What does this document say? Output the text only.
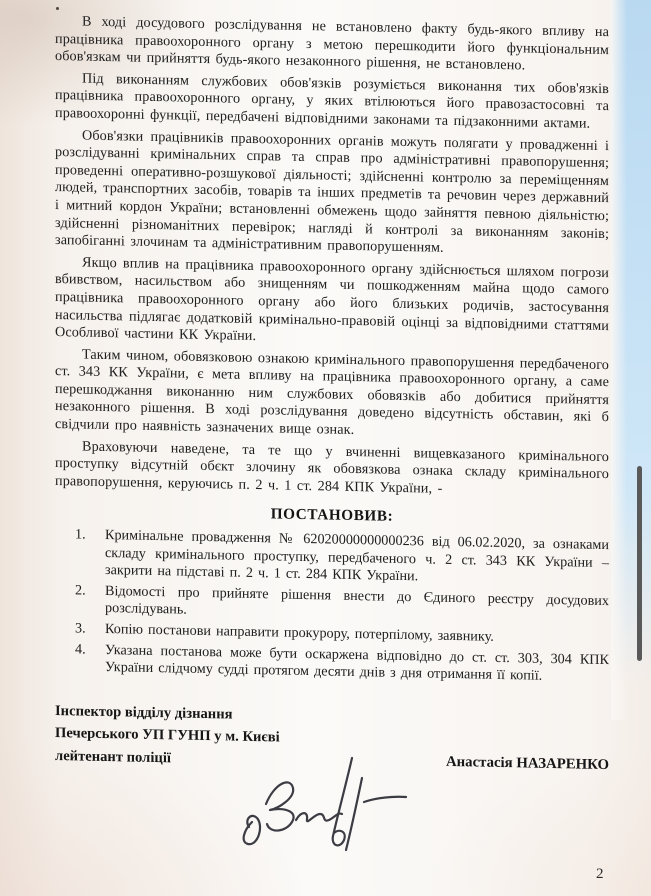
В ході досудового розслідування не встановлено факту будь-якого впливу на працівника правоохоронного органу з метою перешкодити його функціональним обов'язкам чи прийняття будь-якого незаконного рішення, не встановлено.

Під виконанням службових обов'язків розуміється виконання тих обов'язків працівника правоохоронного органу, у яких втілюються його правозастосовні та правоохоронні функції, передбачені відповідними законами та підзаконними актами.

Обов'язки працівників правоохоронних органів можуть полягати у провадженні і розслідуванні кримінальних справ та справ про адміністративні правопорушення; проведенні оперативно-розшукової діяльності; здійсненні контролю за переміщенням людей, транспортних засобів, товарів та інших предметів та речовин через державний і митний кордон України; встановленні обмежень щодо зайняття певною діяльністю; здійсненні різноманітних перевірок; нагляді й контролі за виконанням законів; запобіганні злочинам та адміністративним правопорушенням.

Якщо вплив на працівника правоохоронного органу здійснюється шляхом погрози вбивством, насильством або знищенням чи пошкодженням майна щодо самого працівника правоохоронного органу або його близьких родичів, застосування насильства підлягає додатковій кримінально-правовій оцінці за відповідними статтями Особливої частини КК України.

Таким чином, обовязковою ознакою кримінального правопорушення передбаченого ст. 343 КК України, є мета впливу на працівника правоохоронного органу, а саме перешкоджання виконанню ним службових обовязків або добитися прийняття незаконного рішення. В ході розслідування доведено відсутність обставин, які б свідчили про наявність зазначених вище ознак.

Враховуючи наведене, та те що у вчиненні вищевказаного кримінального проступку відсутній обєкт злочину як обовязкова ознака складу кримінального правопорушення, керуючись п. 2 ч. 1 ст. 284 КПК України, -

ПОСТАНОВИВ:
1.	Кримінальне провадження № 62020000000000236 від 06.02.2020, за ознаками складу кримінального проступку, передбаченого ч. 2 ст. 343 КК України – закрити на підставі п. 2 ч. 1 ст. 284 КПК України.
2.	Відомості про прийняте рішення внести до Єдиного реєстру досудових розслідувань.
3.	Копію постанови направити прокурору, потерпілому, заявнику.
4.	Указана постанова може бути оскаржена відповідно до ст. ст. 303, 304 КПК України слідчому судді протягом десяти днів з дня отримання її копії.
Інспектор відділу дізнання
Печерського УП ГУНП у м. Києві
лейтенант поліції	Анастасія НАЗАРЕНКО
2
